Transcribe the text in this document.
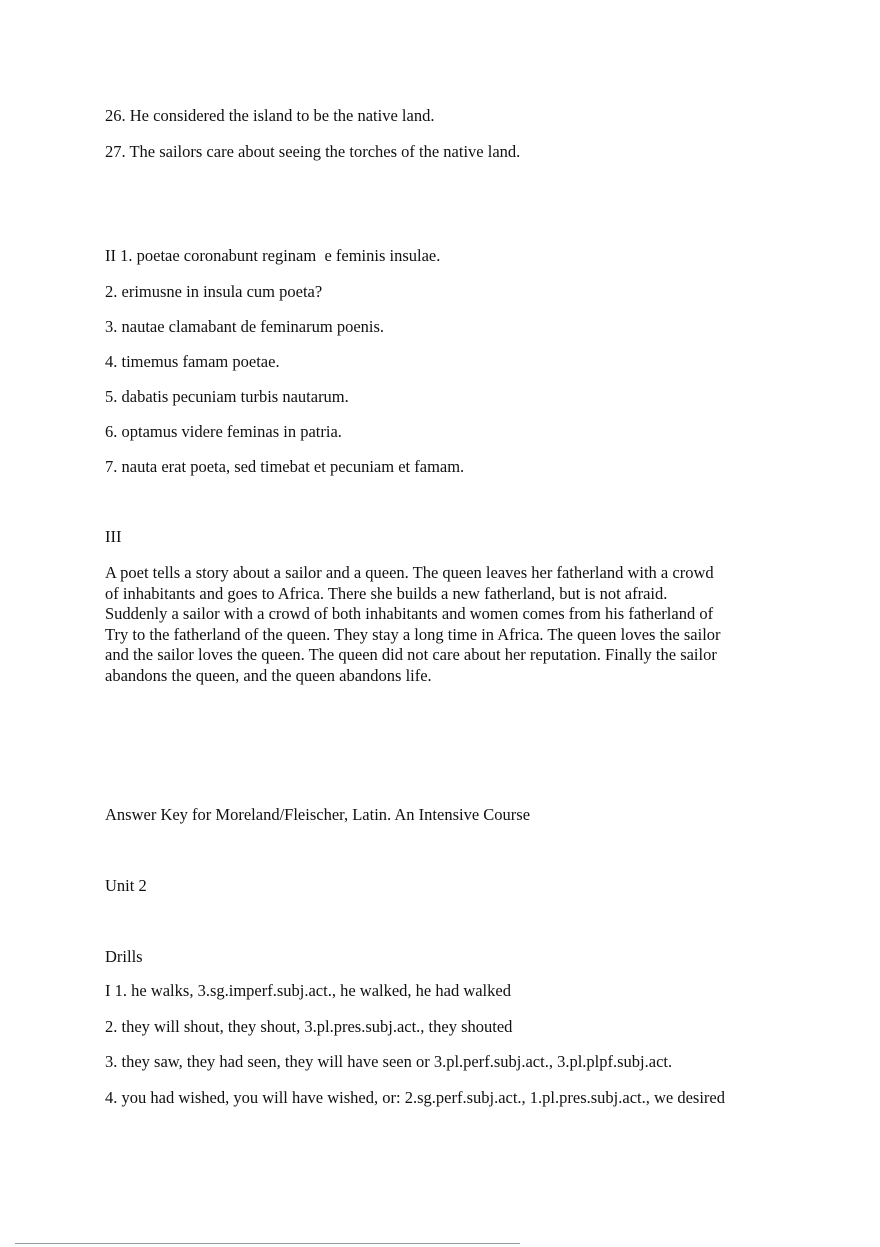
26. He considered the island to be the native land.
27. The sailors care about seeing the torches of the native land.
II 1. poetae coronabunt reginam  e feminis insulae.
2. erimusne in insula cum poeta?
3. nautae clamabant de feminarum poenis.
4. timemus famam poetae.
5. dabatis pecuniam turbis nautarum.
6. optamus videre feminas in patria.
7. nauta erat poeta, sed timebat et pecuniam et famam.
III
A poet tells a story about a sailor and a queen. The queen leaves her fatherland with a crowd
of inhabitants and goes to Africa. There she builds a new fatherland, but is not afraid.
Suddenly a sailor with a crowd of both inhabitants and women comes from his fatherland of
Try to the fatherland of the queen. They stay a long time in Africa. The queen loves the sailor
and the sailor loves the queen. The queen did not care about her reputation. Finally the sailor
abandons the queen, and the queen abandons life.
Answer Key for Moreland/Fleischer, Latin. An Intensive Course
Unit 2
Drills
I 1. he walks, 3.sg.imperf.subj.act., he walked, he had walked
2. they will shout, they shout, 3.pl.pres.subj.act., they shouted
3. they saw, they had seen, they will have seen or 3.pl.perf.subj.act., 3.pl.plpf.subj.act.
4. you had wished, you will have wished, or: 2.sg.perf.subj.act., 1.pl.pres.subj.act., we desired
